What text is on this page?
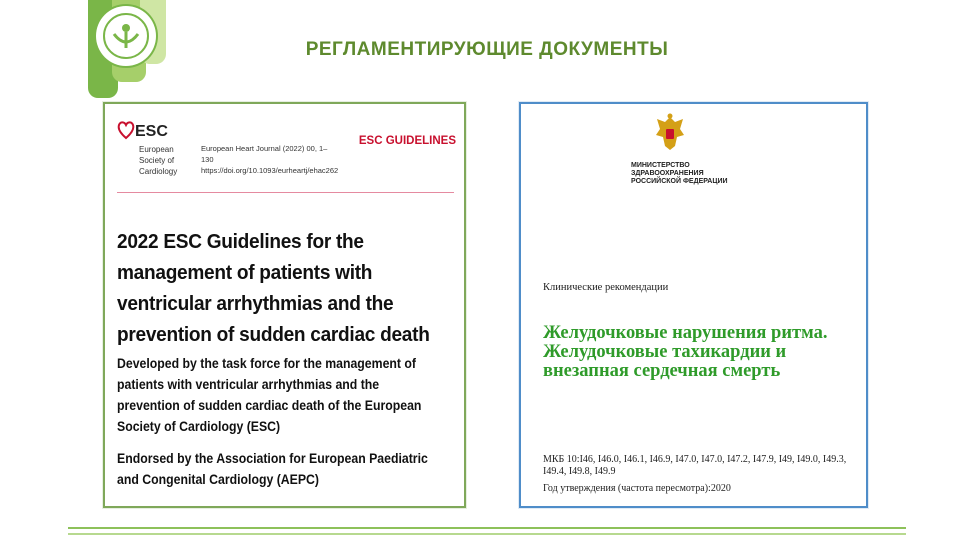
РЕГЛАМЕНТИРУЮЩИЕ ДОКУМЕНТЫ
ESC
European Society of Cardiology
European Heart Journal (2022) 00, 1–130
https://doi.org/10.1093/eurheartj/ehac262
ESC GUIDELINES
2022 ESC Guidelines for the management of patients with ventricular arrhythmias and the prevention of sudden cardiac death
Developed by the task force for the management of patients with ventricular arrhythmias and the prevention of sudden cardiac death of the European Society of Cardiology (ESC)
Endorsed by the Association for European Paediatric and Congenital Cardiology (AEPC)
МИНИСТЕРСТВО
ЗДРАВООХРАНЕНИЯ
РОССИЙСКОЙ ФЕДЕРАЦИИ
Клинические рекомендации
Желудочковые нарушения ритма. Желудочковые тахикардии и внезапная сердечная смерть
МКБ 10:I46, I46.0, I46.1, I46.9, I47.0, I47.0, I47.2, I47.9, I49, I49.0, I49.3, I49.4, I49.8, I49.9
Год утверждения (частота пересмотра):2020
